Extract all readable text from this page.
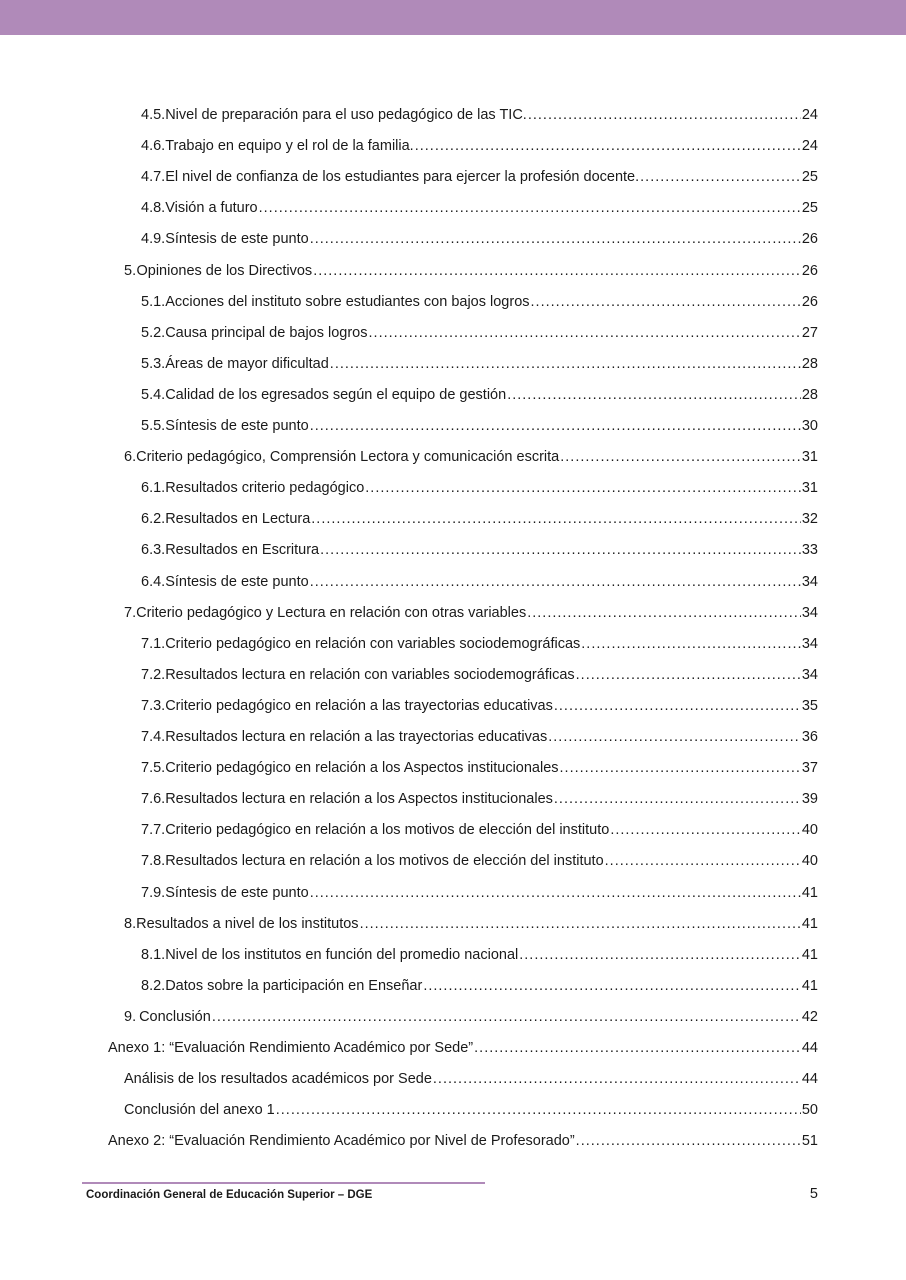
4.5. Nivel de preparación para el uso pedagógico de las TIC. .....	24
4.6. Trabajo en equipo y el rol de la familia. .....	24
4.7. El nivel de confianza de los estudiantes para ejercer la profesión docente. .....	25
4.8. Visión a futuro .....	25
4.9. Síntesis de este punto .....	26
5. Opiniones de los Directivos .....	26
5.1. Acciones del instituto sobre estudiantes con bajos logros .....	26
5.2. Causa principal de bajos logros .....	27
5.3. Áreas de mayor dificultad .....	28
5.4. Calidad de los egresados según el equipo de gestión .....	28
5.5. Síntesis de este punto .....	30
6. Criterio pedagógico, Comprensión Lectora y comunicación escrita .....	31
6.1. Resultados criterio pedagógico .....	31
6.2. Resultados en Lectura .....	32
6.3. Resultados en Escritura .....	33
6.4. Síntesis de este punto .....	34
7. Criterio pedagógico y Lectura en relación con otras variables .....	34
7.1. Criterio pedagógico en relación con variables sociodemográficas .....	34
7.2. Resultados lectura en relación con variables sociodemográficas .....	34
7.3. Criterio pedagógico en relación a las trayectorias educativas .....	35
7.4. Resultados lectura en relación a las trayectorias educativas .....	36
7.5. Criterio pedagógico en relación a los Aspectos institucionales .....	37
7.6. Resultados lectura en relación a los Aspectos institucionales .....	39
7.7. Criterio pedagógico en relación a los motivos de elección del instituto .....	40
7.8. Resultados lectura en relación a los motivos de elección del instituto .....	40
7.9. Síntesis de este punto .....	41
8. Resultados a nivel de los institutos .....	41
8.1. Nivel de los institutos en función del promedio nacional .....	41
8.2. Datos sobre la participación en Enseñar .....	41
9. Conclusión .....	42
Anexo 1: “Evaluación Rendimiento Académico por Sede” .....	44
Análisis de los resultados académicos por Sede .....	44
Conclusión del anexo 1 .....	50
Anexo 2: “Evaluación Rendimiento Académico por Nivel de Profesorado” .....	51
Coordinación General de Educación Superior – DGE	5
